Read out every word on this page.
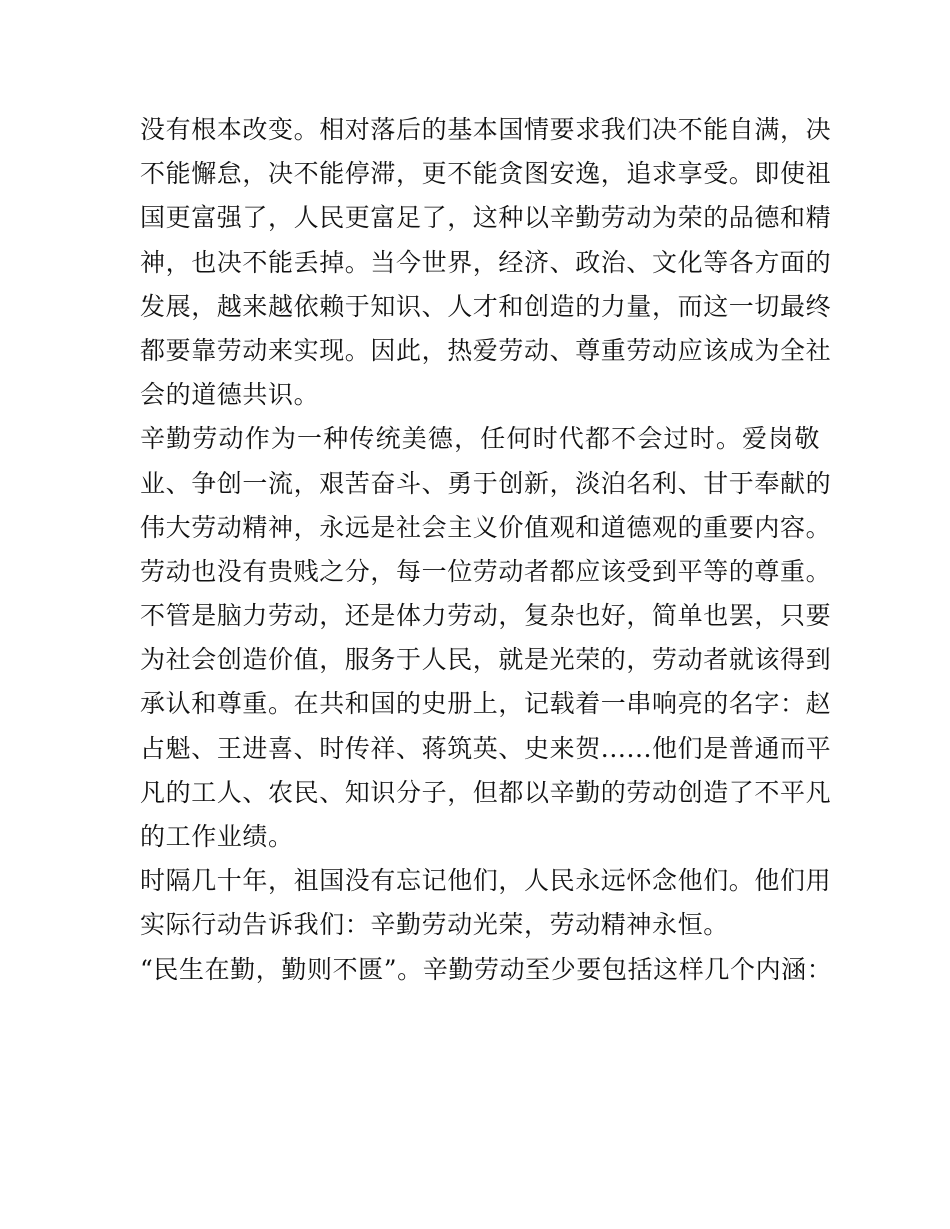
没有根本改变。相对落后的基本国情要求我们决不能自满，决
不能懈怠，决不能停滞，更不能贪图安逸，追求享受。即使祖
国更富强了，人民更富足了，这种以辛勤劳动为荣的品德和精
神，也决不能丢掉。当今世界，经济、政治、文化等各方面的
发展，越来越依赖于知识、人才和创造的力量，而这一切最终
都要靠劳动来实现。因此，热爱劳动、尊重劳动应该成为全社
会的道德共识。
辛勤劳动作为一种传统美德，任何时代都不会过时。爱岗敬
业、争创一流，艰苦奋斗、勇于创新，淡泊名利、甘于奉献的
伟大劳动精神，永远是社会主义价值观和道德观的重要内容。
劳动也没有贵贱之分，每一位劳动者都应该受到平等的尊重。
不管是脑力劳动，还是体力劳动，复杂也好，简单也罢，只要
为社会创造价值，服务于人民，就是光荣的，劳动者就该得到
承认和尊重。在共和国的史册上，记载着一串响亮的名字：赵
占魁、王进喜、时传祥、蒋筑英、史来贺......他们是普通而平
凡的工人、农民、知识分子，但都以辛勤的劳动创造了不平凡
的工作业绩。
时隔几十年，祖国没有忘记他们，人民永远怀念他们。他们用
实际行动告诉我们：辛勤劳动光荣，劳动精神永恒。
“民生在勤，勤则不匮”。辛勤劳动至少要包括这样几个内涵：
